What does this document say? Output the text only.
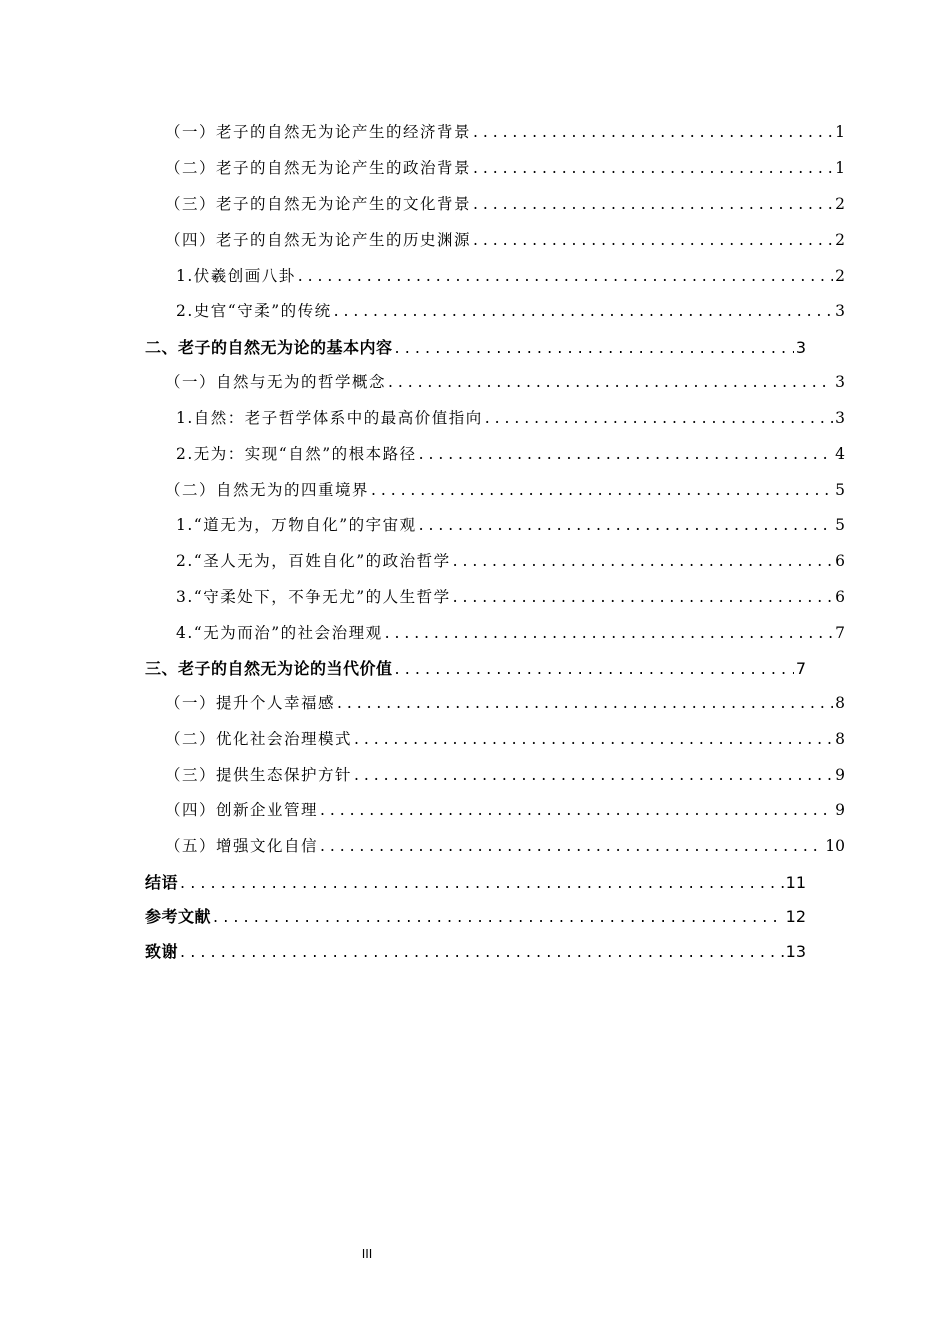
（一）老子的自然无为论产生的经济背景 . . .	1
（二）老子的自然无为论产生的政治背景 . . .	1
（三）老子的自然无为论产生的文化背景 . . .	2
（四）老子的自然无为论产生的历史渊源 . . .	2
1.伏羲创画八卦 . . .	2
2.史官“守柔”的传统 . . .	3
二、老子的自然无为论的基本内容 . . .	3
（一）自然与无为的哲学概念 . . .	3
1.自然：老子哲学体系中的最高价值指向 . . .	3
2.无为：实现“自然”的根本路径 . . .	4
（二）自然无为的四重境界 . . .	5
1.“道无为，万物自化”的宇宙观 . . .	5
2.“圣人无为，百姓自化”的政治哲学 . . .	6
3.“守柔处下，不争无尤”的人生哲学 . . .	6
4.“无为而治”的社会治理观 . . .	7
三、老子的自然无为论的当代价值 . . .	7
（一）提升个人幸福感 . . .	8
（二）优化社会治理模式 . . .	8
（三）提供生态保护方针 . . .	9
（四）创新企业管理 . . .	9
（五）增强文化自信 . . .	10
结语 . . .	11
参考文献 . . .	12
致谢 . . .	13
III
